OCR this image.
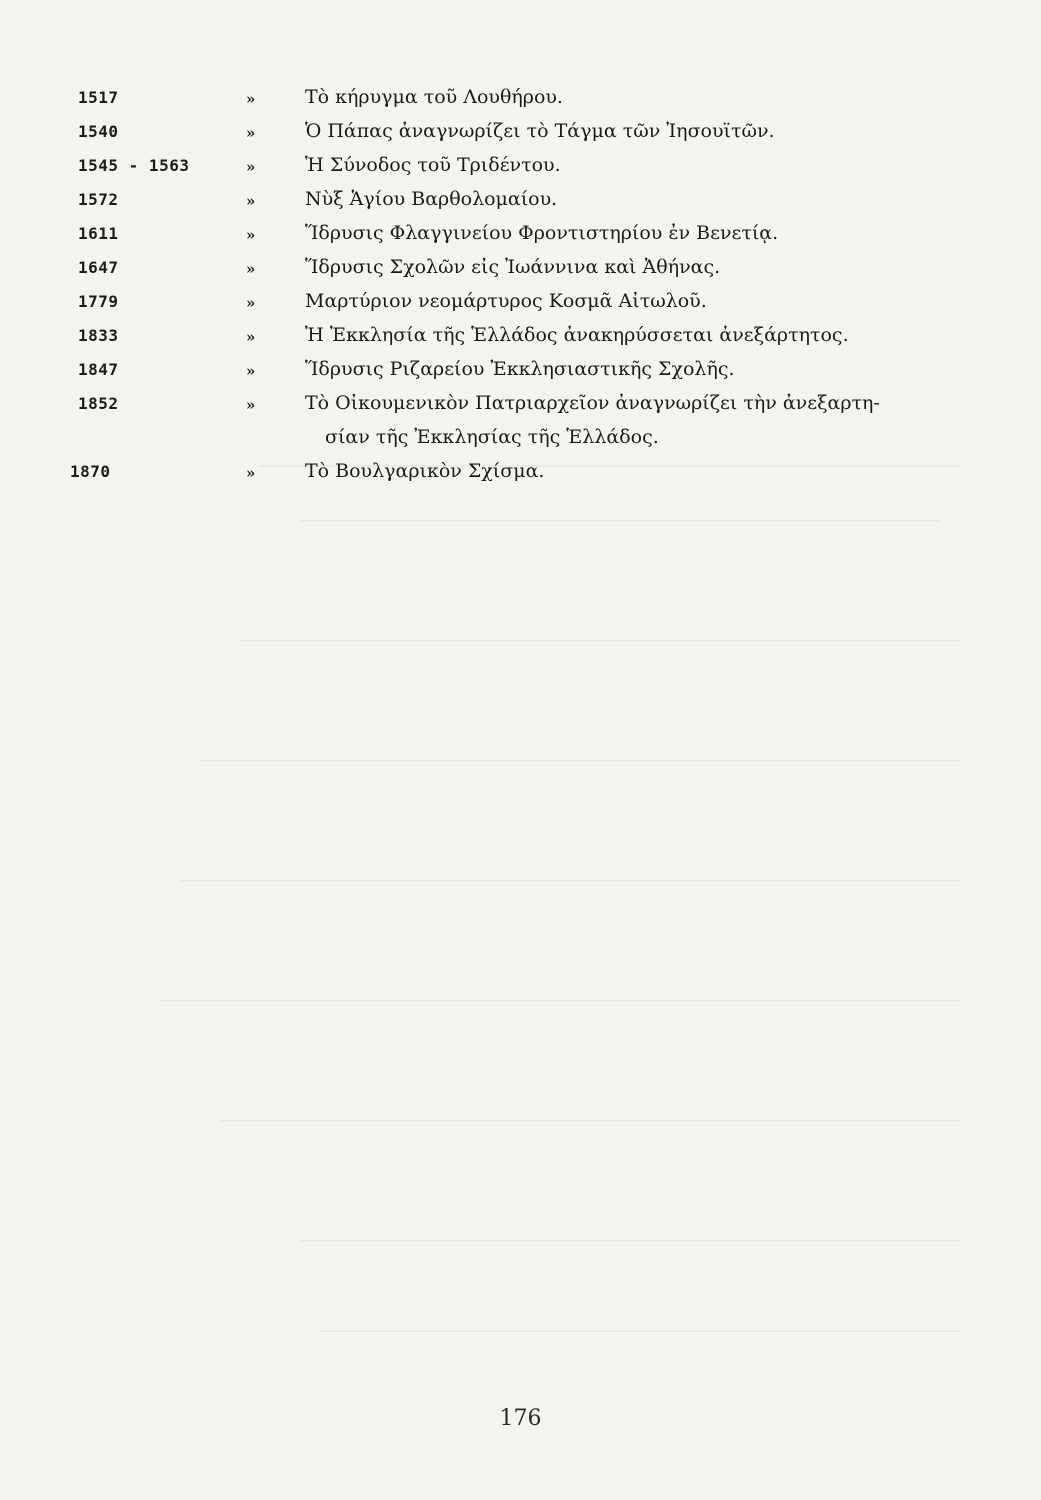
1517	»	Τὸ κήρυγμα τοῦ Λουθήρου.
1540	»	Ὁ Πάπας ἀναγνωρίζει τὸ Τάγμα τῶν Ἰησουϊτῶν.
1545 - 1563	»	Ἡ Σύνοδος τοῦ Τριδέντου.
1572	»	Νὺξ Ἁγίου Βαρθολομαίου.
1611	»	Ἵδρυσις Φλαγγινείου Φροντιστηρίου ἐν Βενετίᾳ.
1647	»	Ἵδρυσις Σχολῶν εἰς Ἰωάννινα καὶ Ἀθήνας.
1779	»	Μαρτύριον νεομάρτυρος Κοσμᾶ Αἰτωλοῦ.
1833	»	Ἡ Ἐκκλησία τῆς Ἑλλάδος ἀνακηρύσσεται ἀνεξάρτητος.
1847	»	Ἵδρυσις Ριζαρείου Ἐκκλησιαστικῆς Σχολῆς.
1852	»	Τὸ Οἰκουμενικὸν Πατριαρχεῖον ἀναγνωρίζει τὴν ἀνεξαρτη-
σίαν τῆς Ἐκκλησίας τῆς Ἑλλάδος.
1870	»	Τὸ Βουλγαρικὸν Σχίσμα.
176
